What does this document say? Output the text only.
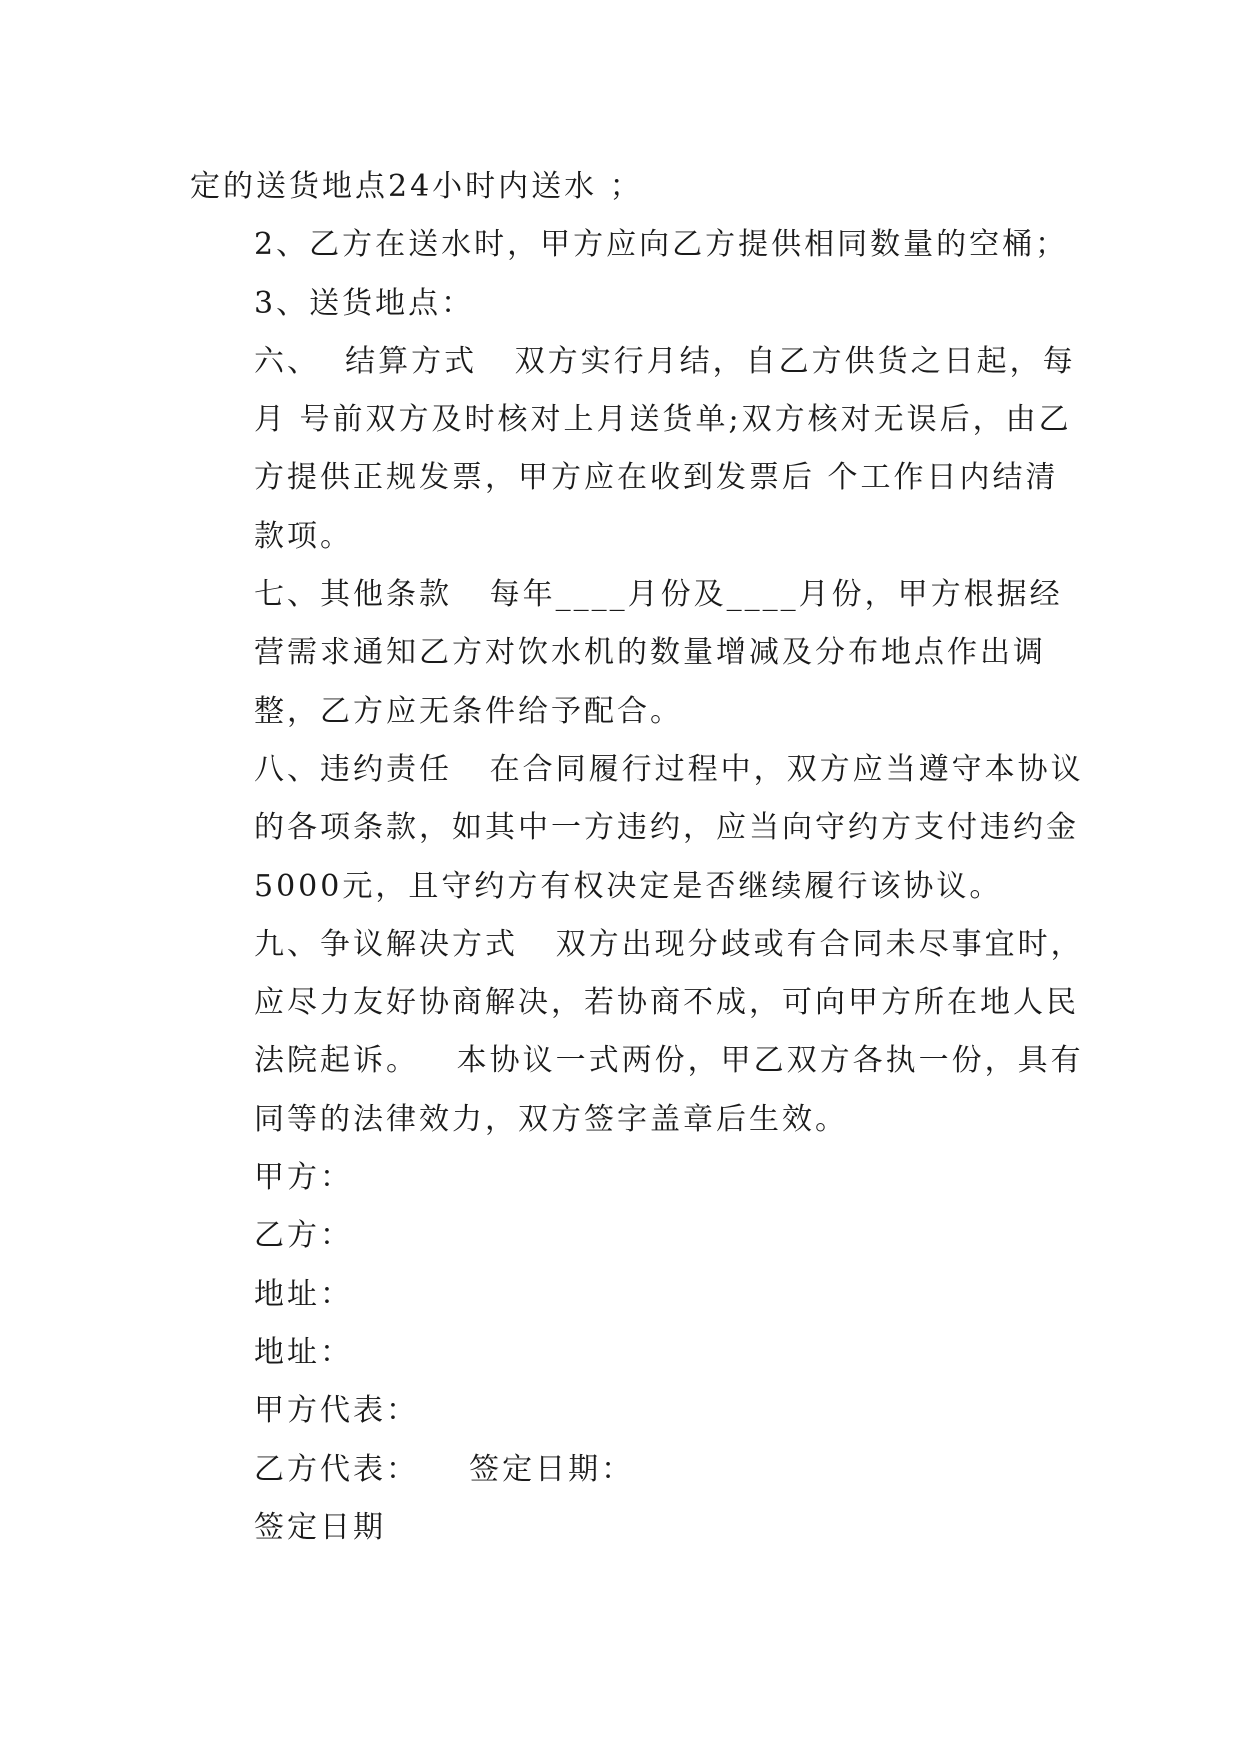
定的送货地点24小时内送水 ；

2、乙方在送水时，甲方应向乙方提供相同数量的空桶；

3、送货地点：

六、  结算方式   双方实行月结，自乙方供货之日起，每月 号前双方及时核对上月送货单;双方核对无误后，由乙方提供正规发票，甲方应在收到发票后 个工作日内结清款项。

七、其他条款   每年____月份及____月份，甲方根据经营需求通知乙方对饮水机的数量增减及分布地点作出调整，乙方应无条件给予配合。

八、违约责任   在合同履行过程中，双方应当遵守本协议的各项条款，如其中一方违约，应当向守约方支付违约金5000元，且守约方有权决定是否继续履行该协议。

九、争议解决方式   双方出现分歧或有合同未尽事宜时，应尽力友好协商解决，若协商不成，可向甲方所在地人民法院起诉。   本协议一式两份，甲乙双方各执一份，具有同等的法律效力，双方签字盖章后生效。

甲方：
乙方：
地址：
地址：
甲方代表：
乙方代表：    签定日期：
签定日期
